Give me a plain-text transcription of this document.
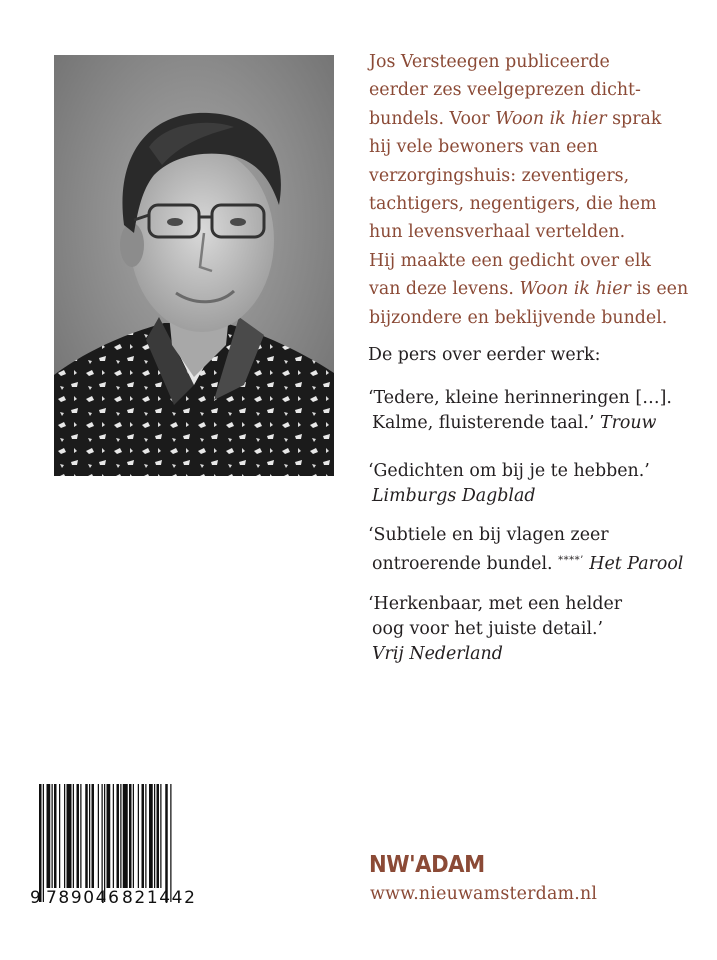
Jos Versteegen publiceerde

eerder zes veelgeprezen dicht-

bundels. Voor Woon ik hier sprak

hij vele bewoners van een

verzorgingshuis: zeventigers,

tachtigers, negentigers, die hem

hun levensverhaal vertelden.

Hij maakte een gedicht over elk

van deze levens. Woon ik hier is een

bijzondere en beklijvende bundel.

De pers over eerder werk:

‘Tedere, kleine herinneringen […].

Kalme, fluisterende taal.’ Trouw

‘Gedichten om bij je te hebben.’

Limburgs Dagblad

‘Subtiele en bij vlagen zeer

ontroerende bundel. ****’ Het Parool

‘Herkenbaar, met een helder

oog voor het juiste detail.’

Vrij Nederland

9 789046 821442
NW'ADAM
www.nieuwamsterdam.nl
